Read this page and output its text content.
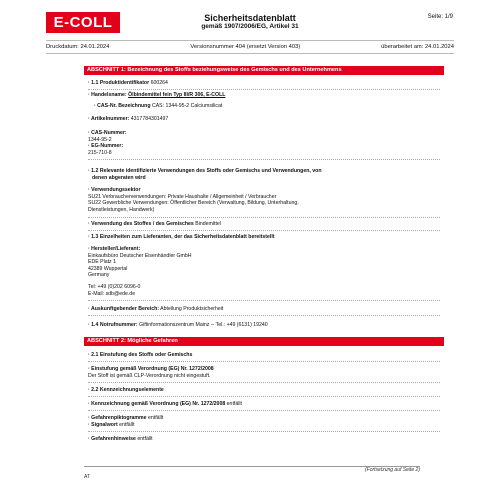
E-COLL	Sicherheitsdatenblatt
gemäß 1907/2006/EG, Artikel 31
Seite: 1/9
Druckdatum: 24.01.2024	Versionsnummer 404 (ersetzt Version 403)	überarbeitet am: 24.01.2024
ABSCHNITT 1: Bezeichnung des Stoffs beziehungsweise des Gemischs und des Unternehmens
· 1.1 Produktidentifikator 600264
· Handelsname: Ölbindemittel fein Typ III/R 306, E-COLL
· CAS-Nr. Bezeichnung CAS: 1344-95-2 Calciumsilicat
· Artikelnummer: 4317784301497
· CAS-Nummer:
1344-95-2
· EG-Nummer:
215-710-8
· 1.2 Relevante identifizierte Verwendungen des Stoffs oder Gemischs und Verwendungen, von
denen abgeraten wird
· Verwendungssektor
SU21 Verbraucherverwendungen: Private Haushalte / Allgemeinheit / Verbraucher
SU22 Gewerbliche Verwendungen: Öffentlicher Bereich (Verwaltung, Bildung, Unterhaltung,
Dienstleistungen, Handwerk)
· Verwendung des Stoffes / des Gemisches Bindemittel
· 1.3 Einzelheiten zum Lieferanten, der das Sicherheitsdatenblatt bereitstellt
· Hersteller/Lieferant:
Einkaufsbüro Deutscher Eisenhändler GmbH
EDE Platz 1
42389 Wuppertal
Germany
Tel: +49 (0)202 6096-0
E-Mail: sdb@ede.de
· Auskunftgebender Bereich: Abteilung Produktsicherheit
· 1.4 Notrufnummer: Giftinformationszentrum Mainz -- Tel.: +49 (6131) 19240
ABSCHNITT 2: Mögliche Gefahren
· 2.1 Einstufung des Stoffs oder Gemischs
· Einstufung gemäß Verordnung (EG) Nr. 1272/2008
Der Stoff ist gemäß CLP-Verordnung nicht eingestuft.
· 2.2 Kennzeichnungselemente
· Kennzeichnung gemäß Verordnung (EG) Nr. 1272/2008 entfällt
· Gefahrenpiktogramme entfällt
· Signalwort entfällt
· Gefahrenhinweise entfällt
(Fortsetzung auf Seite 2)
AT
